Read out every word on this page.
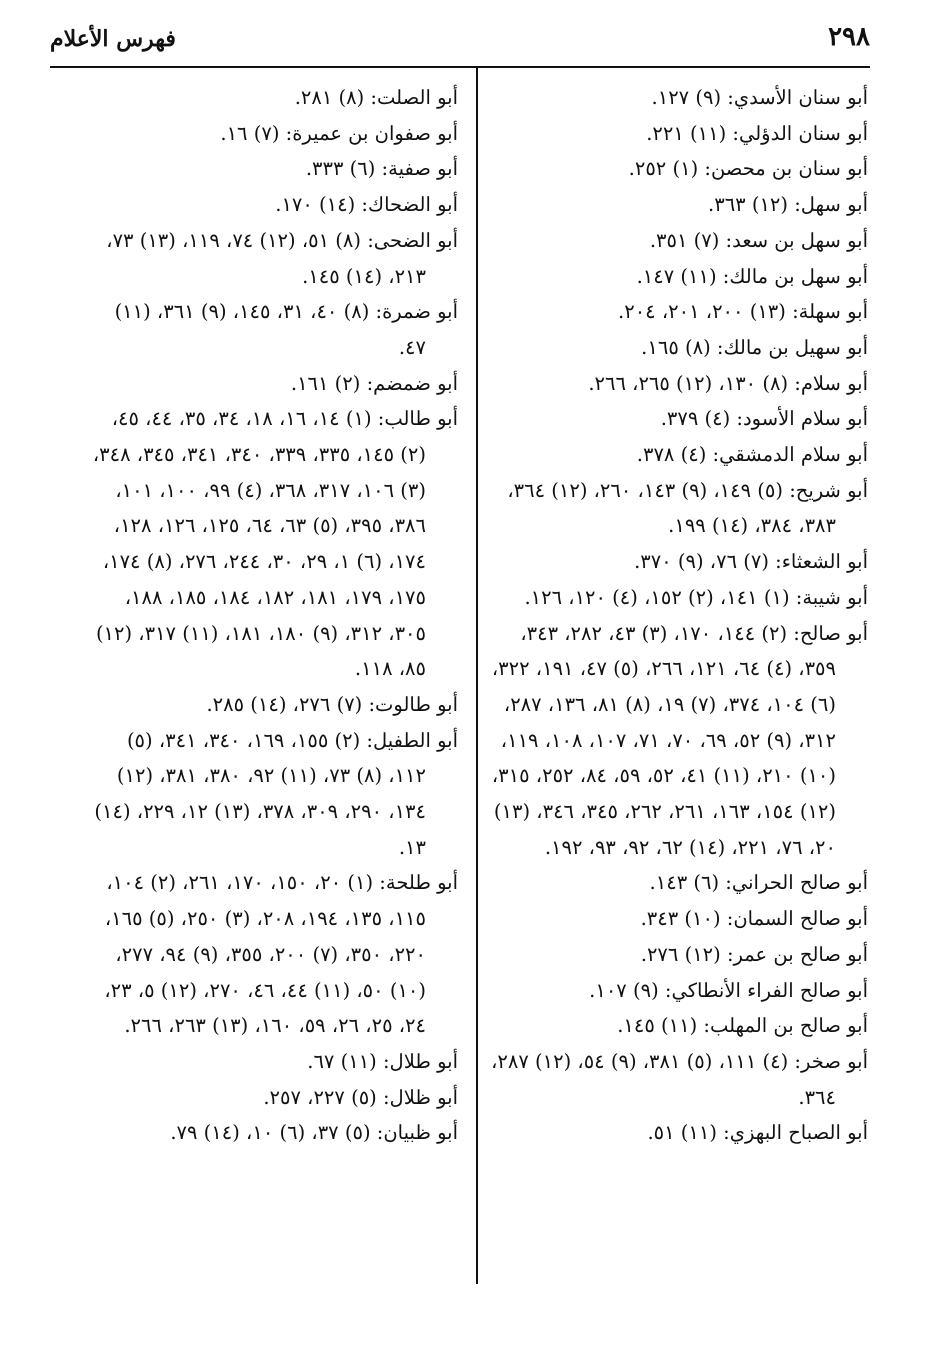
٢٩٨
فهرس الأعلام
أبو سنان الأسدي: (٩) ١٢٧.
أبو سنان الدؤلي: (١١) ٢٢١.
أبو سنان بن محصن: (١) ٢٥٢.
أبو سهل: (١٢) ٣٦٣.
أبو سهل بن سعد: (٧) ٣٥١.
أبو سهل بن مالك: (١١) ١٤٧.
أبو سهلة: (١٣) ٢٠٠، ٢٠١، ٢٠٤.
أبو سهيل بن مالك: (٨) ١٦٥.
أبو سلام: (٨) ١٣٠، (١٢) ٢٦٥، ٢٦٦.
أبو سلام الأسود: (٤) ٣٧٩.
أبو سلام الدمشقي: (٤) ٣٧٨.
أبو شريح: (٥) ١٤٩، (٩) ١٤٣، ٢٦٠، (١٢) ٣٦٤، ٣٨٣، ٣٨٤، (١٤) ١٩٩.
أبو الشعثاء: (٧) ٧٦، (٩) ٣٧٠.
أبو شيبة: (١) ١٤١، (٢) ١٥٢، (٤) ١٢٠، ١٢٦.
أبو صالح: (٢) ١٤٤، ١٧٠، (٣) ٤٣، ٢٨٢، ٣٤٣، ٣٥٩، (٤) ٦٤، ١٢١، ٢٦٦، (٥) ٤٧، ١٩١، ٣٢٢، (٦) ١٠٤، ٣٧٤، (٧) ١٩، (٨) ٨١، ١٣٦، ٢٨٧، ٣١٢، (٩) ٥٢، ٦٩، ٧٠، ٧١، ١٠٧، ١٠٨، ١١٩، (١٠) ٢١٠، (١١) ٤١، ٥٢، ٥٩، ٨٤، ٢٥٢، ٣١٥، (١٢) ١٥٤، ١٦٣، ٢٦١، ٢٦٢، ٣٤٥، ٣٤٦، (١٣) ٢٠، ٧٦، ٢٢١، (١٤) ٦٢، ٩٢، ٩٣، ١٩٢.
أبو صالح الحراني: (٦) ١٤٣.
أبو صالح السمان: (١٠) ٣٤٣.
أبو صالح بن عمر: (١٢) ٢٧٦.
أبو صالح الفراء الأنطاكي: (٩) ١٠٧.
أبو صالح بن المهلب: (١١) ١٤٥.
أبو صخر: (٤) ١١١، (٥) ٣٨١، (٩) ٥٤، (١٢) ٢٨٧، ٣٦٤.
أبو الصباح البهزي: (١١) ٥١.
أبو الصلت: (٨) ٢٨١.
أبو صفوان بن عميرة: (٧) ١٦.
أبو صفية: (٦) ٣٣٣.
أبو الضحاك: (١٤) ١٧٠.
أبو الضحى: (٨) ٥١، (١٢) ٧٤، ١١٩، (١٣) ٧٣، ٢١٣، (١٤) ١٤٥.
أبو ضمرة: (٨) ٤٠، ٣١، ١٤٥، (٩) ٣٦١، (١١) ٤٧.
أبو ضمضم: (٢) ١٦١.
أبو طالب: (١) ١٤، ١٦، ١٨، ٣٤، ٣٥، ٤٤، ٤٥، (٢) ١٤٥، ٣٣٥، ٣٣٩، ٣٤٠، ٣٤١، ٣٤٥، ٣٤٨، (٣) ١٠٦، ٣١٧، ٣٦٨، (٤) ٩٩، ١٠٠، ١٠١، ٣٨٦، ٣٩٥، (٥) ٦٣، ٦٤، ١٢٥، ١٢٦، ١٢٨، ١٧٤، (٦) ١، ٢٩، ٣٠، ٢٤٤، ٢٧٦، (٨) ١٧٤، ١٧٥، ١٧٩، ١٨١، ١٨٢، ١٨٤، ١٨٥، ١٨٨، ٣٠٥، ٣١٢، (٩) ١٨٠، ١٨١، (١١) ٣١٧، (١٢) ٨٥، ١١٨.
أبو طالوت: (٧) ٢٧٦، (١٤) ٢٨٥.
أبو الطفيل: (٢) ١٥٥، ١٦٩، ٣٤٠، ٣٤١، (٥) ١١٢، (٨) ٧٣، (١١) ٩٢، ٣٨٠، ٣٨١، (١٢) ١٣٤، ٢٩٠، ٣٠٩، ٣٧٨، (١٣) ١٢، ٢٢٩، (١٤) ١٣.
أبو طلحة: (١) ٢٠، ١٥٠، ١٧٠، ٢٦١، (٢) ١٠٤، ١١٥، ١٣٥، ١٩٤، ٢٠٨، (٣) ٢٥٠، (٥) ١٦٥، ٢٢٠، ٣٥٠، (٧) ٢٠٠، ٣٥٥، (٩) ٩٤، ٢٧٧، (١٠) ٥٠، (١١) ٤٤، ٤٦، ٢٧٠، (١٢) ٥، ٢٣، ٢٤، ٢٥، ٢٦، ٥٩، ١٦٠، (١٣) ٢٦٣، ٢٦٦.
أبو طلال: (١١) ٦٧.
أبو ظلال: (٥) ٢٢٧، ٢٥٧.
أبو ظبيان: (٥) ٣٧، (٦) ١٠، (١٤) ٧٩.
